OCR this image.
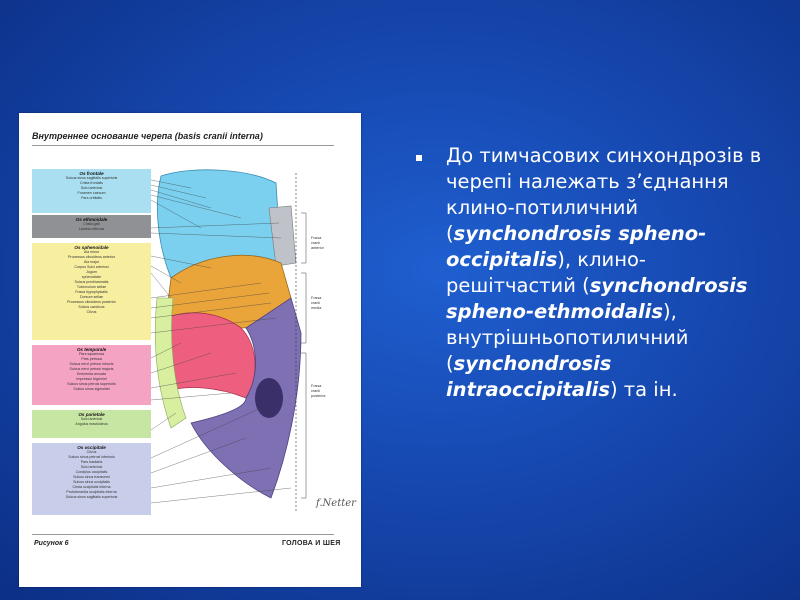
Внутреннее основание черепа (basis cranii interna)
Os frontale
Sulcus sinus sagittalis superioris
Crista frontalis
Sulci arteriosi
Foramen caecum
Pars orbitalis
Os ethmoidale
Crista galli
Lamina cribrosa
Os sphenoidale
Ala minor
Processus clinoideus anterior
Ala major
Corpus Sulci arteriosi
Jugum
sphenoidale
Sulcus prechiasmatis
Tuberculum sellae
Fossa hypophysialis
Dorsum sellae
Processus clinoideus posterior
Sulcus caroticus
Clivus
Os temporale
Pars squamosa
Pars petrosa
Sulcus nervi petrosi minoris
Sulcus nervi petrosi majoris
Eminentia arcuata
Impressio trigemini
Sulcus sinus petrosi superioris
Sulcus sinus sigmoidei
Os parietale
Sulci arteriosi
Angulus mastoideus
Os occipitale
Clivus
Sulcus sinus petrosi inferioris
Pars basilaris
Sulci arteriosi
Condylus occipitalis
Sulcus sinus transversi
Sulcus sinus occipitalis
Crista occipitalis interna
Protuberantia occipitalis interna
Sulcus sinus sagittalis superioris
Fossa
cranii
anterior
Fossa
cranii
media
Fossa
cranii
posterior
f.Netter
Рисунок 6	ГОЛОВА И ШЕЯ
До тимчасових синхондрозів в черепі належать з’єднання клино-потиличний (synchondrosis spheno-occipitalis), клино-решітчастий (synchondrosis spheno-ethmoidalis), внутрішньопотиличний (synchondrosis intraoccipitalis) та ін.
